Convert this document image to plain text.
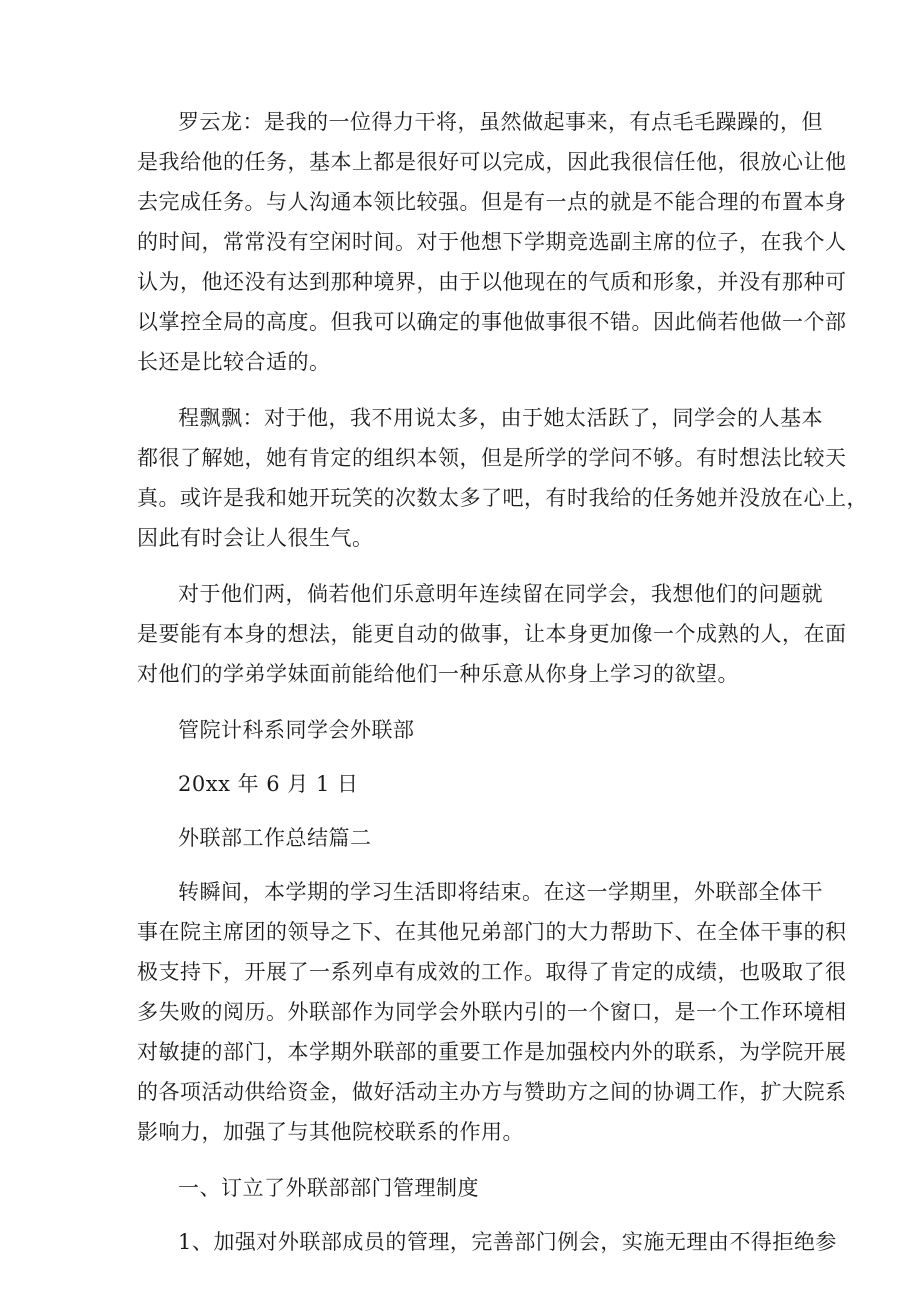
罗云龙：是我的一位得力干将，虽然做起事来，有点毛毛躁躁的，但
是我给他的任务，基本上都是很好可以完成，因此我很信任他，很放心让他
去完成任务。与人沟通本领比较强。但是有一点的就是不能合理的布置本身
的时间，常常没有空闲时间。对于他想下学期竞选副主席的位子，在我个人
认为，他还没有达到那种境界，由于以他现在的气质和形象，并没有那种可
以掌控全局的高度。但我可以确定的事他做事很不错。因此倘若他做一个部
长还是比较合适的。
程飘飘：对于他，我不用说太多，由于她太活跃了，同学会的人基本
都很了解她，她有肯定的组织本领，但是所学的学问不够。有时想法比较天
真。或许是我和她开玩笑的次数太多了吧，有时我给的任务她并没放在心上，
因此有时会让人很生气。
对于他们两，倘若他们乐意明年连续留在同学会，我想他们的问题就
是要能有本身的想法，能更自动的做事，让本身更加像一个成熟的人，在面
对他们的学弟学妹面前能给他们一种乐意从你身上学习的欲望。
管院计科系同学会外联部
20xx 年 6 月 1 日
外联部工作总结篇二
转瞬间，本学期的学习生活即将结束。在这一学期里，外联部全体干
事在院主席团的领导之下、在其他兄弟部门的大力帮助下、在全体干事的积
极支持下，开展了一系列卓有成效的工作。取得了肯定的成绩，也吸取了很
多失败的阅历。外联部作为同学会外联内引的一个窗口，是一个工作环境相
对敏捷的部门，本学期外联部的重要工作是加强校内外的联系，为学院开展
的各项活动供给资金，做好活动主办方与赞助方之间的协调工作，扩大院系
影响力，加强了与其他院校联系的作用。
一、订立了外联部部门管理制度
1、加强对外联部成员的管理，完善部门例会，实施无理由不得拒绝参
